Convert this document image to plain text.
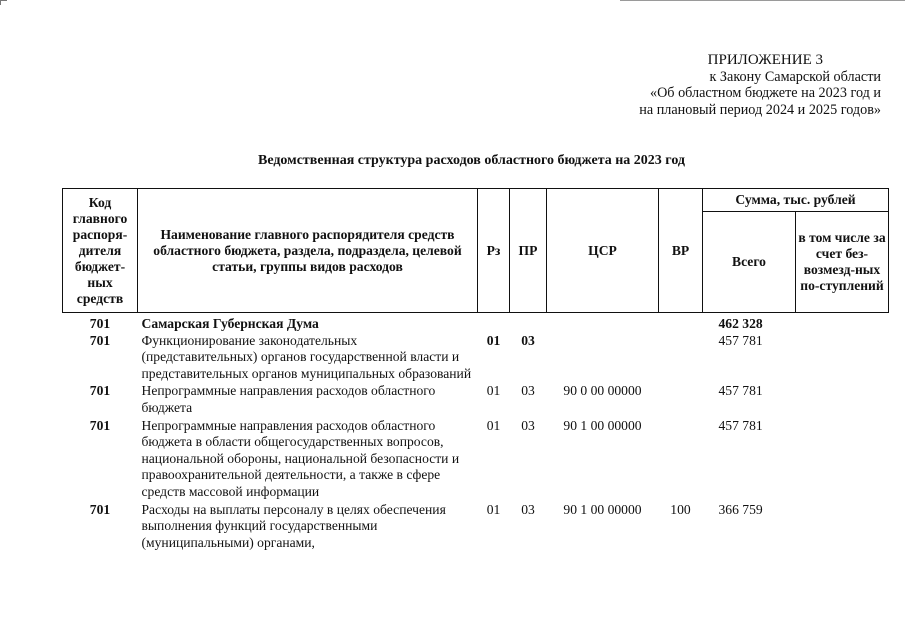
ПРИЛОЖЕНИЕ 3
к Закону Самарской области
«Об областном бюджете на 2023 год и
на плановый период 2024 и 2025 годов»
Ведомственная структура расходов областного бюджета на 2023 год
Код главного распоря-дителя бюджет-ных средств	Наименование главного распорядителя средств областного бюджета, раздела, подраздела, целевой статьи, группы видов расходов	Рз	ПР	ЦСР	ВР	Сумма, тыс. рублей	
						Всего	в том числе за счет без-возмезд-ных по-ступлений
701	Самарская Губернская Дума					462 328	
701	Функционирование законодательных (представительных) органов государственной власти и представительных органов муниципальных образований	01	03			457 781	
701	Непрограммные направления расходов областного бюджета	01	03	90 0 00 00000		457 781	
701	Непрограммные направления расходов областного бюджета в области общегосударственных вопросов, национальной обороны, национальной безопасности и правоохранительной деятельности, а также в сфере средств массовой информации	01	03	90 1 00 00000		457 781	
701	Расходы на выплаты персоналу в целях обеспечения выполнения функций государственными (муниципальными) органами,	01	03	90 1 00 00000	100	366 759	
